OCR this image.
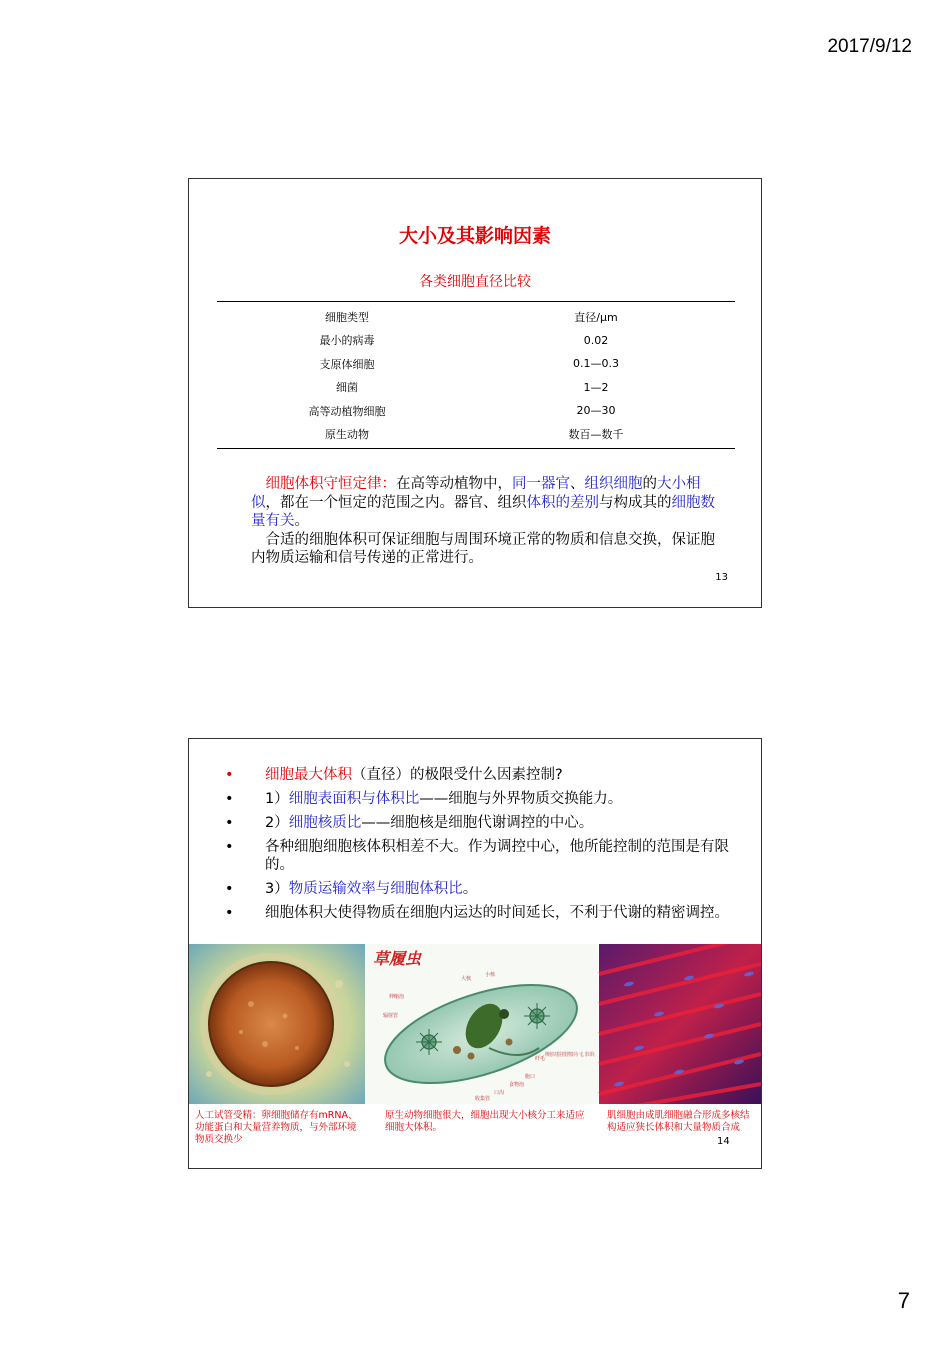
2017/9/12
大小及其影响因素
各类细胞直径比较
细胞类型	直径/μm
最小的病毒	0.02
支原体细胞	0.1—0.3
细菌	1—2
高等动植物细胞	20—30
原生动物	数百—数千
 细胞体积守恒定律：在高等动植物中，同一器官、组织细胞的大小相似，都在一个恒定的范围之内。器官、组织体积的差别与构成其的细胞数量有关。
 合适的细胞体积可保证细胞与周围环境正常的物质和信息交换，保证胞内物质运输和信号传递的正常进行。
13
•	细胞最大体积（直径）的极限受什么因素控制?
•	1）细胞表面积与体积比——细胞与外界物质交换能力。
•	2）细胞核质比——细胞核是细胞代谢调控的中心。
•	各种细胞细胞核体积相差不大。作为调控中心，他所能控制的范围是有限的。
•	3）物质运输效率与细胞体积比。
•	细胞体积大使得物质在细胞内运达的时间延长，不利于代谢的精密调控。
草履虫
大核
小核
伸缩泡
辐射管
纤毛
胞口
食物泡
口沟
收集管
人工试管受精：卵细胞储存有mRNA、功能蛋白和大量营养物质，与外部环境物质交换少
原生动物细胞很大，细胞出现大小核分工来适应细胞大体积。
肌细胞由成肌细胞融合形成多核结构适应狭长体积和大量物质合成
14
7
